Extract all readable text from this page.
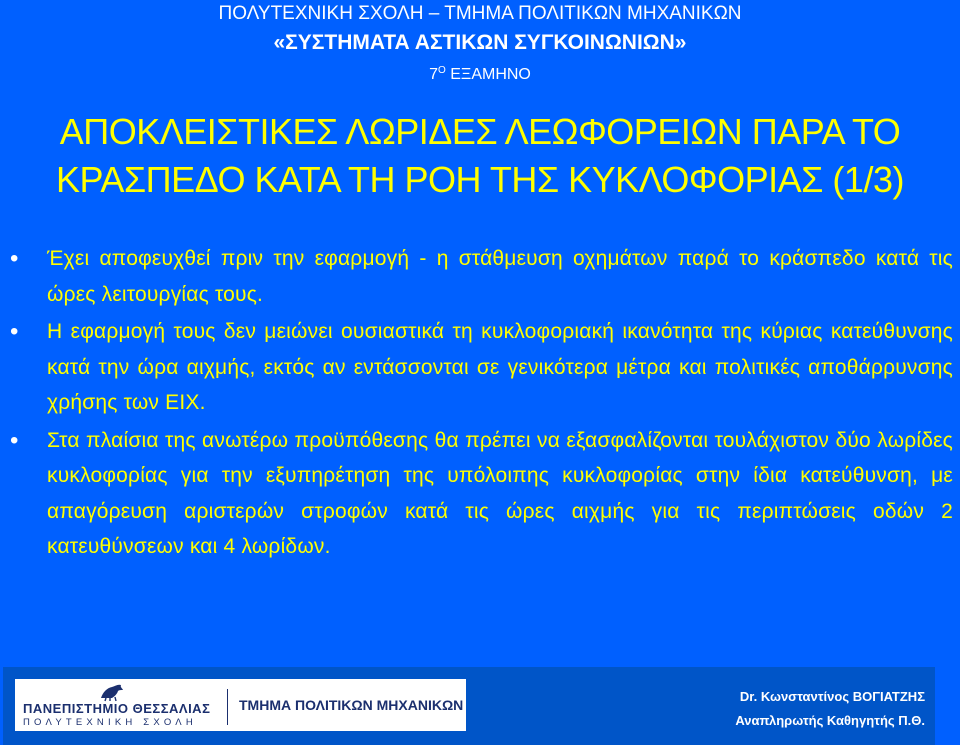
ΠΟΛΥΤΕΧΝΙΚΗ ΣΧΟΛΗ – ΤΜΗΜΑ ΠΟΛΙΤΙΚΩΝ ΜΗΧΑΝΙΚΩΝ
«ΣΥΣΤΗΜΑΤΑ ΑΣΤΙΚΩΝ ΣΥΓΚΟΙΝΩΝΙΩΝ»
$7^O$ ΕΞΑΜΗΝΟ
ΑΠΟΚΛΕΙΣΤΙΚΕΣ ΛΩΡΙΔΕΣ ΛΕΩΦΟΡΕΙΩΝ ΠΑΡΑ ΤΟ
ΚΡΑΣΠΕΔΟ ΚΑΤΑ ΤΗ ΡΟΗ ΤΗΣ ΚΥΚΛΟΦΟΡΙΑΣ (1/3)
• Έχει αποφευχθεί πριν την εφαρμογή - η στάθμευση οχημάτων παρά το κράσπεδο κατά τις ώρες λειτουργίας τους.
• Η εφαρμογή τους δεν μειώνει ουσιαστικά τη κυκλοφοριακή ικανότητα της κύριας κατεύθυνσης κατά την ώρα αιχμής, εκτός αν εντάσσονται σε γενικότερα μέτρα και πολιτικές αποθάρρυνσης χρήσης των ΕΙΧ.
• Στα πλαίσια της ανωτέρω προϋπόθεσης θα πρέπει να εξασφαλίζονται τουλάχιστον δύο λωρίδες κυκλοφορίας για την εξυπηρέτηση της υπόλοιπης κυκλοφορίας στην ίδια κατεύθυνση, με απαγόρευση αριστερών στροφών κατά τις ώρες αιχμής για τις περιπτώσεις οδών 2 κατευθύνσεων και 4 λωρίδων.
ΠΑΝΕΠΙΣΤΗΜΙΟ ΘΕΣΣΑΛΙΑΣ
ΠΟΛΥΤΕΧΝΙΚΗ ΣΧΟΛΗ
ΤΜΗΜΑ ΠΟΛΙΤΙΚΩΝ ΜΗΧΑΝΙΚΩΝ
Dr. Κωνσταντίνος ΒΟΓΙΑΤΖΗΣ
Αναπληρωτής Καθηγητής Π.Θ.
